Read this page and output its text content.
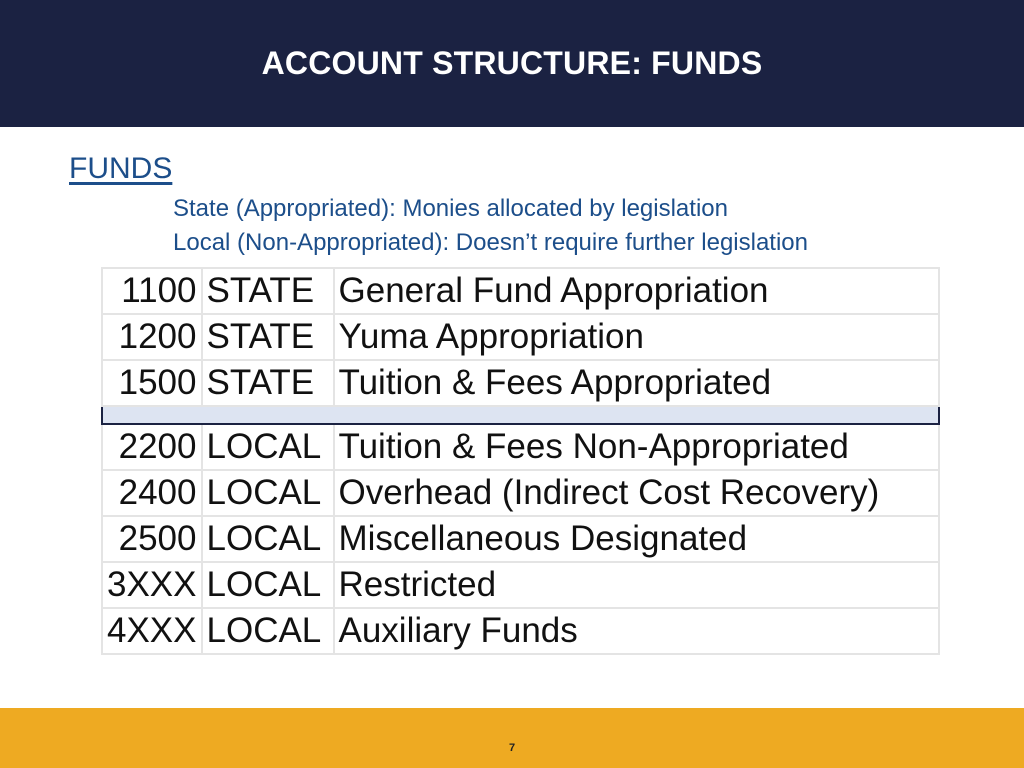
ACCOUNT STRUCTURE: FUNDS
FUNDS
State (Appropriated): Monies allocated by legislation
Local (Non-Appropriated): Doesn’t require further legislation
1100	STATE	General Fund Appropriation
1200	STATE	Yuma Appropriation
1500	STATE	Tuition & Fees Appropriated

2200	LOCAL	Tuition & Fees Non-Appropriated
2400	LOCAL	Overhead (Indirect Cost Recovery)
2500	LOCAL	Miscellaneous Designated
3XXX	LOCAL	Restricted
4XXX	LOCAL	Auxiliary Funds
7
